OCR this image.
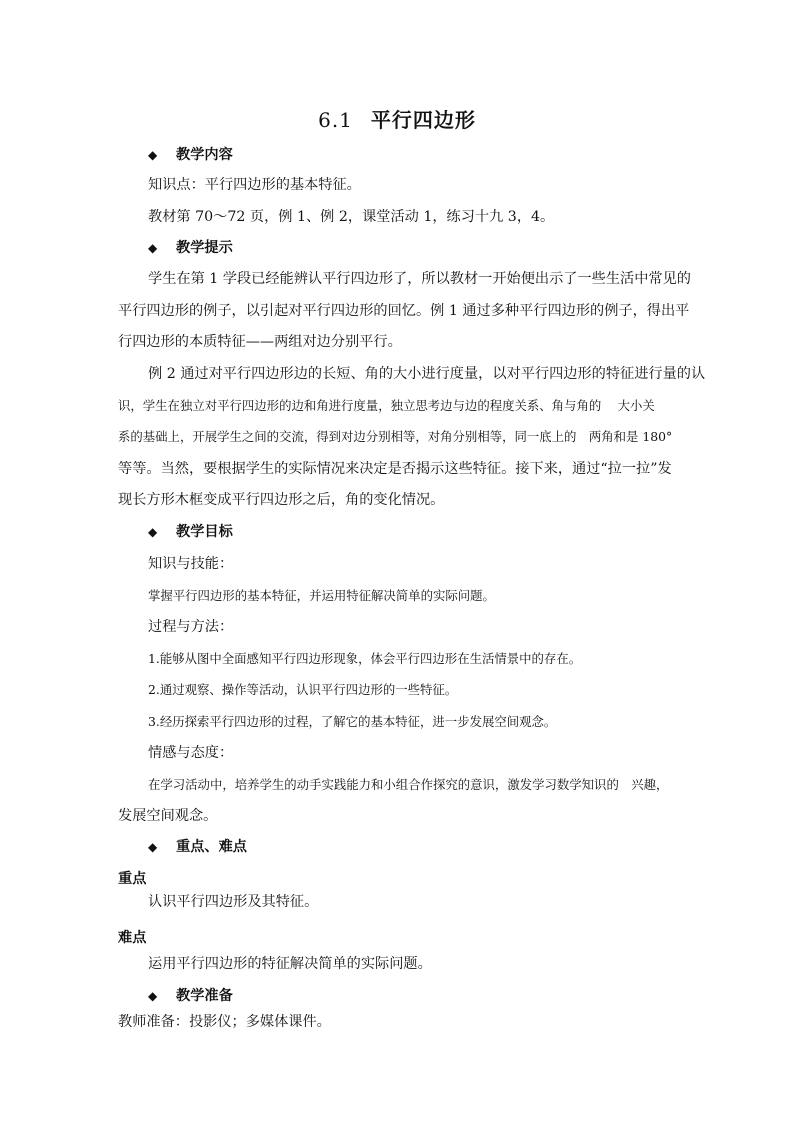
6.1 平行四边形
◆ 教学内容
知识点：平行四边形的基本特征。
教材第 70～72 页，例 1、例 2，课堂活动 1，练习十九 3，4。
◆ 教学提示
学生在第 1 学段已经能辨认平行四边形了，所以教材一开始便出示了一些生活中常见的
平行四边形的例子，以引起对平行四边形的回忆。例 1 通过多种平行四边形的例子，得出平
行四边形的本质特征——两组对边分别平行。
例 2 通过对平行四边形边的长短、角的大小进行度量，以对平行四边形的特征进行量的认
识，学生在独立对平行四边形的边和角进行度量，独立思考边与边的程度关系、角与角的　 大小关
系的基础上，开展学生之间的交流，得到对边分别相等，对角分别相等，同一底上的　两角和是 180°
等等。当然，要根据学生的实际情况来决定是否揭示这些特征。接下来，通过“拉一拉”发
现长方形木框变成平行四边形之后，角的变化情况。
◆ 教学目标
知识与技能：
掌握平行四边形的基本特征，并运用特征解决简单的实际问题。
过程与方法：
1.能够从图中全面感知平行四边形现象，体会平行四边形在生活情景中的存在。
2.通过观察、操作等活动，认识平行四边形的一些特征。
3.经历探索平行四边形的过程，了解它的基本特征，进一步发展空间观念。
情感与态度：
在学习活动中，培养学生的动手实践能力和小组合作探究的意识，激发学习数学知识的　兴趣，
发展空间观念。
◆ 重点、难点
重点
认识平行四边形及其特征。
难点
运用平行四边形的特征解决简单的实际问题。
◆ 教学准备
教师准备：投影仪；多媒体课件。
